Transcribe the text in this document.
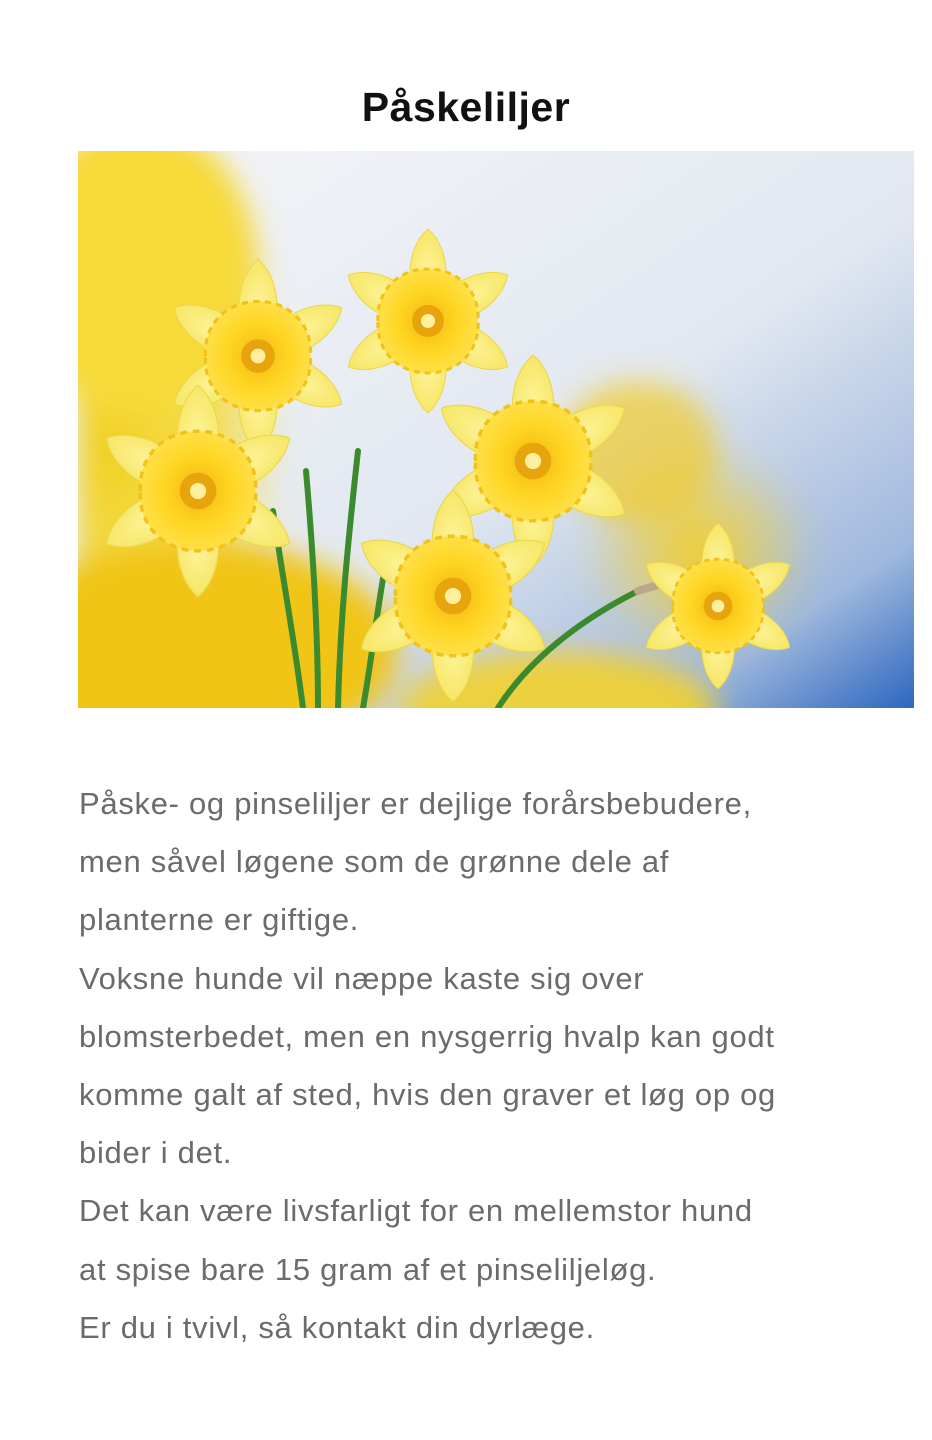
Påskeliljer

Påske- og pinseliljer er dejlige forårsbebudere,

men såvel løgene som de grønne dele af

planterne er giftige.

Voksne hunde vil næppe kaste sig over

blomsterbedet, men en nysgerrig hvalp kan godt

komme galt af sted, hvis den graver et løg op og

bider i det.

Det kan være livsfarligt for en mellemstor hund

at spise bare 15 gram af et pinseliljeløg.

Er du i tvivl, så kontakt din dyrlæge.
